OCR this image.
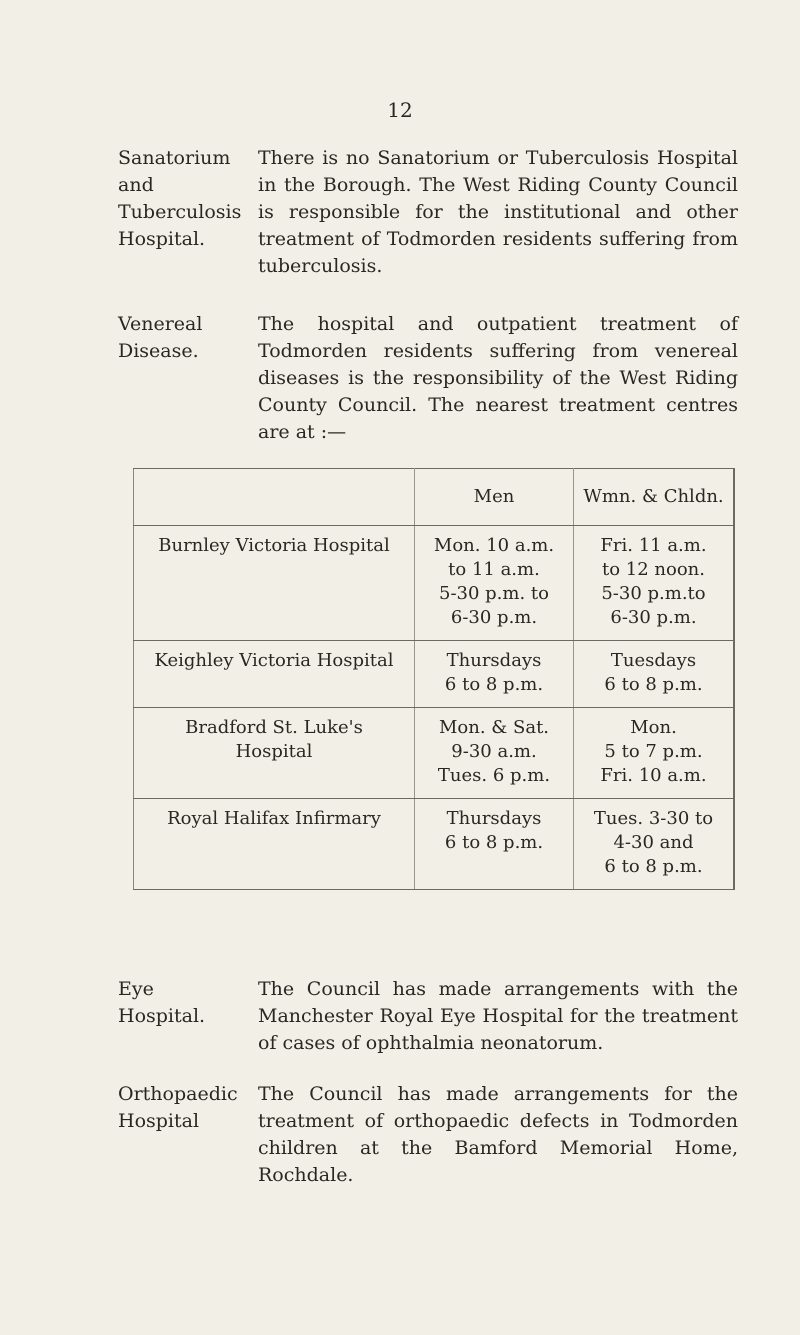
12
Sanatorium
and
Tuberculosis
Hospital.
There is no Sanatorium or Tuberculosis Hospital in the Borough. The West Riding County Council is responsible for the institutional and other treatment of Todmorden residents suffering from tuberculosis.
Venereal
Disease.
The hospital and outpatient treatment of Todmorden residents suffering from venereal diseases is the responsibility of the West Riding County Council. The nearest treatment centres are at :—
	Men	Wmn. & Chldn.

Burnley Victoria Hospital	Mon. 10 a.m.
to 11 a.m.
5-30 p.m. to
6-30 p.m.	Fri. 11 a.m.
to 12 noon.
5-30 p.m.to
6-30 p.m.

Keighley Victoria Hospital	Thursdays
6 to 8 p.m.	Tuesdays
6 to 8 p.m.

Bradford St. Luke's
Hospital	Mon. & Sat.
9-30 a.m.
Tues. 6 p.m.	Mon.
5 to 7 p.m.
Fri. 10 a.m.

Royal Halifax Infirmary	Thursdays
6 to 8 p.m.	Tues. 3-30 to
4-30 and
6 to 8 p.m.
Eye
Hospital.
The Council has made arrangements with the Manchester Royal Eye Hospital for the treatment of cases of ophthalmia neonatorum.
Orthopaedic
Hospital
The Council has made arrangements for the treatment of orthopaedic defects in Todmorden children at the Bamford Memorial Home, Rochdale.
